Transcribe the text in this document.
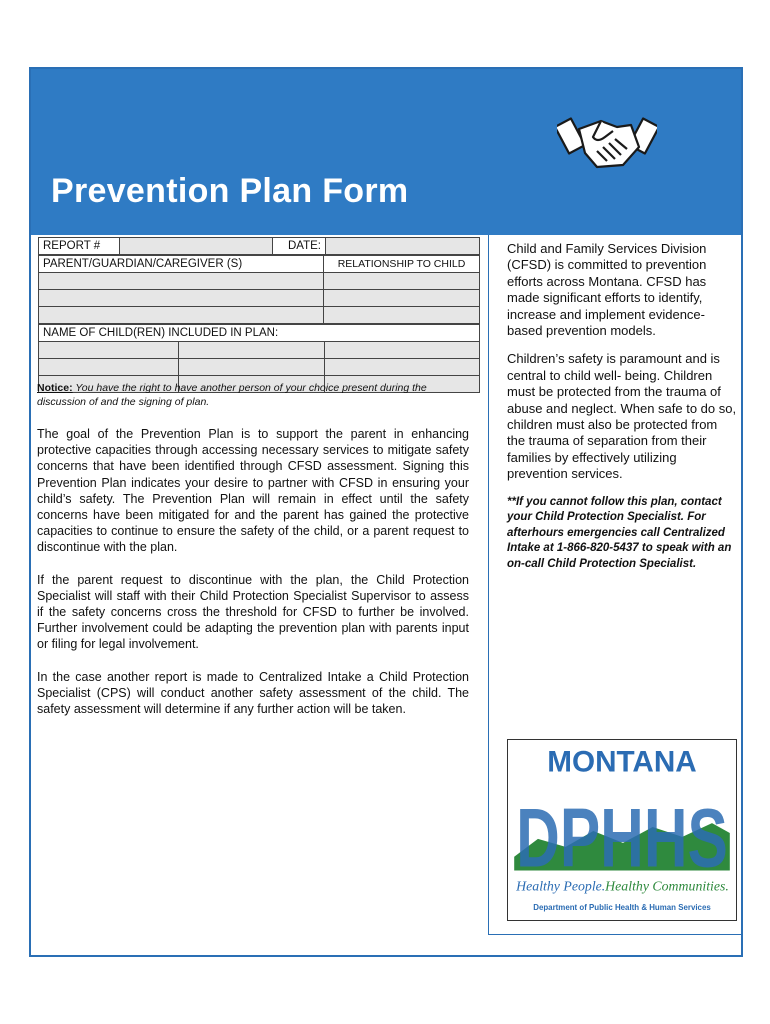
Prevention Plan Form
REPORT #		DATE:	
PARENT/GUARDIAN/CAREGIVER (S)	RELATIONSHIP TO CHILD

NAME OF CHILD(REN) INCLUDED IN PLAN:		

Notice: You have the right to have another person of your choice present during the discussion of and the signing of plan.

The goal of the Prevention Plan is to support the parent in enhancing protective capacities through accessing necessary services to mitigate safety concerns that have been identified through CFSD assessment. Signing this Prevention Plan indicates your desire to partner with CFSD in ensuring your child’s safety. The Prevention Plan will remain in effect until the safety concerns have been mitigated for and the parent has gained the protective capacities to continue to ensure the safety of the child, or a parent request to discontinue with the plan.

If the parent request to discontinue with the plan, the Child Protection Specialist will staff with their Child Protection Specialist Supervisor to assess if the safety concerns cross the threshold for CFSD to further be involved. Further involvement could be adapting the prevention plan with parents input or filing for legal involvement.

In the case another report is made to Centralized Intake a Child Protection Specialist (CPS) will conduct another safety assessment of the child. The safety assessment will determine if any further action will be taken.

Child and Family Services Division (CFSD) is committed to prevention efforts across Montana. CFSD has made significant efforts to identify, increase and implement evidence-based prevention models.

Children’s safety is paramount and is central to child well- being. Children must be protected from the trauma of abuse and neglect. When safe to do so, children must also be protected from the trauma of separation from their families by effectively utilizing prevention services.

**If you cannot follow this plan, contact your Child Protection Specialist. For afterhours emergencies call Centralized Intake at 1-866-820-5437 to speak with an on-call Child Protection Specialist.

MONTANA
DPHHS
Healthy People. Healthy Communities.
Department of Public Health & Human Services
